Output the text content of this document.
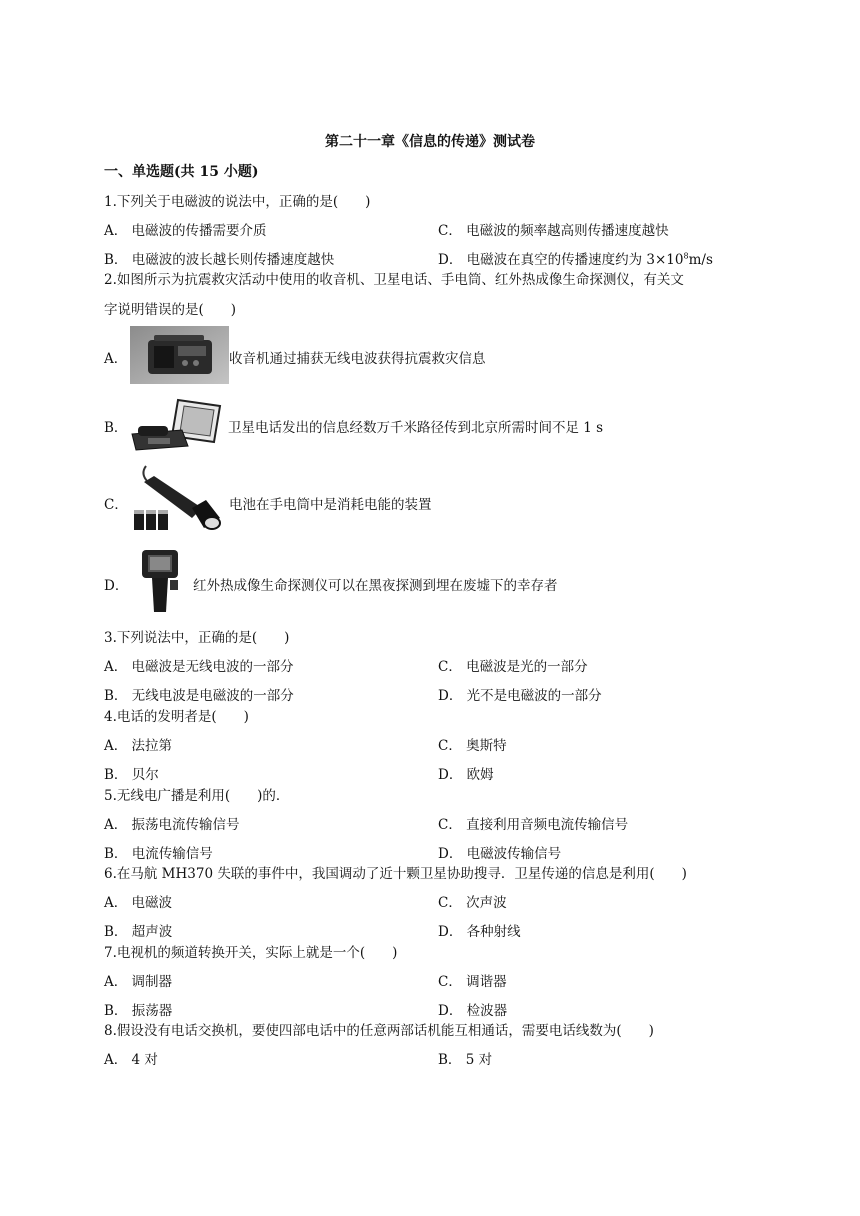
第二十一章《信息的传递》测试卷
一、单选题(共 15 小题)
1.下列关于电磁波的说法中，正确的是(　　)
A． 电磁波的传播需要介质	C． 电磁波的频率越高则传播速度越快
B． 电磁波的波长越长则传播速度越快	D． 电磁波在真空的传播速度约为 $3\times 10^8m/s$
2.如图所示为抗震救灾活动中使用的收音机、卫星电话、手电筒、红外热成像生命探测仪，有关文
字说明错误的是(　　)
A．	收音机通过捕获无线电波获得抗震救灾信息
B．	卫星电话发出的信息经数万千米路径传到北京所需时间不足 1 s
C．	电池在手电筒中是消耗电能的装置
D．	红外热成像生命探测仪可以在黑夜探测到埋在废墟下的幸存者
3.下列说法中，正确的是(　　)
A． 电磁波是无线电波的一部分	C． 电磁波是光的一部分
B． 无线电波是电磁波的一部分	D． 光不是电磁波的一部分
4.电话的发明者是(　　)
A． 法拉第	C． 奥斯特
B． 贝尔	D． 欧姆
5.无线电广播是利用(　　)的．
A． 振荡电流传输信号	C． 直接利用音频电流传输信号
B． 电流传输信号	D． 电磁波传输信号
6.在马航 MH370 失联的事件中，我国调动了近十颗卫星协助搜寻．卫星传递的信息是利用(　　)
A． 电磁波	C． 次声波
B． 超声波	D． 各种射线
7.电视机的频道转换开关，实际上就是一个(　　)
A． 调制器	C． 调谐器
B． 振荡器	D． 检波器
8.假设没有电话交换机，要使四部电话中的任意两部话机能互相通话，需要电话线数为(　　)
A． 4 对	B． 5 对
